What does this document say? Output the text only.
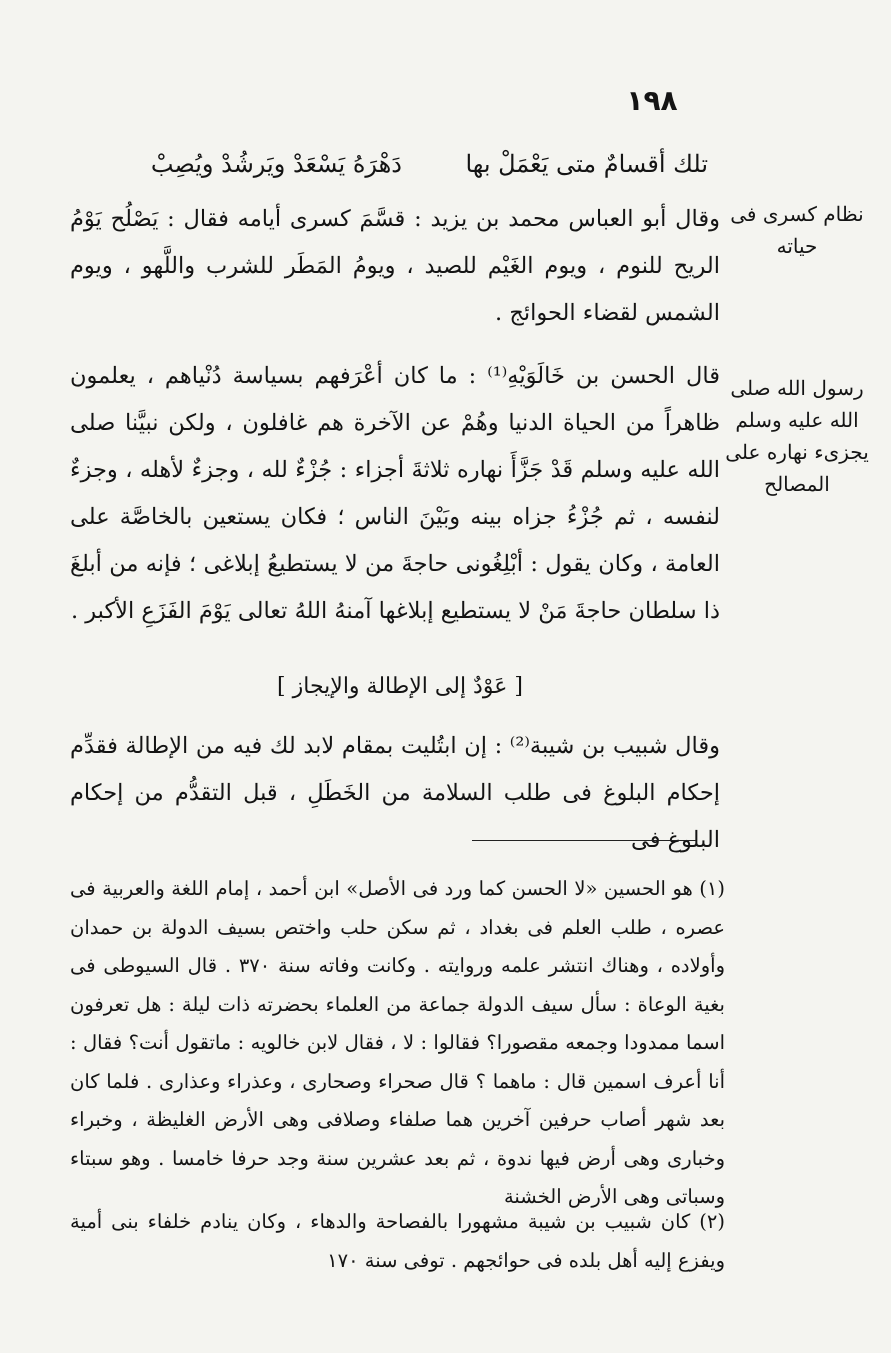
١٩٨
تلك أقسامٌ متى يَعْمَلْ بها
دَهْرَهُ يَسْعَدْ ويَرشُدْ ويُصِبْ
نظام كسرى فى حياته
رسول الله صلى الله عليه وسلم يجزىء نهاره على المصالح
وقال أبو العباس محمد بن يزيد : قسَّمَ كسرى أيامه فقال : يَصْلُح يَوْمُ الريح للنوم ، ويوم الغَيْم للصيد ، ويومُ المَطَر للشرب واللَّهو ، ويوم الشمس لقضاء الحوائج .
قال الحسن بن خَالَوَيْهِ⁽¹⁾ : ما كان أعْرَفهم بسياسة دُنْياهم ، يعلمون ظاهراً من الحياة الدنيا وهُمْ عن الآخرة هم غافلون ، ولكن نبيَّنا صلى الله عليه وسلم قَدْ جَزَّأَ نهاره ثلاثةَ أجزاء : جُزْءٌ لله ، وجزءٌ لأهله ، وجزءٌ لنفسه ، ثم جُزْءُ جزاه بينه وبَيْنَ الناس ؛ فكان يستعين بالخاصَّة على العامة ، وكان يقول : أبْلِغُونى حاجةَ من لا يستطيعُ إبلاغى ؛ فإنه من أبلغَ ذا سلطان حاجةَ مَنْ لا يستطيع إبلاغها آمنهُ اللهُ تعالى يَوْمَ الفَزَعِ الأكبر .
[ عَوْدٌ إلى الإطالة والإيجاز ]
وقال شبيب بن شيبة⁽²⁾ : إن ابتُليت بمقام لابد لك فيه من الإطالة فقدِّم إحكام البلوغ فى طلب السلامة من الخَطَلِ ، قبل التقدُّم من إحكام البلوغ فى
(١) هو الحسين «لا الحسن كما ورد فى الأصل» ابن أحمد ، إمام اللغة والعربية فى عصره ، طلب العلم فى بغداد ، ثم سكن حلب واختص بسيف الدولة بن حمدان وأولاده ، وهناك انتشر علمه وروايته . وكانت وفاته سنة ٣٧٠ . قال السيوطى فى بغية الوعاة : سأل سيف الدولة جماعة من العلماء بحضرته ذات ليلة : هل تعرفون اسما ممدودا وجمعه مقصورا؟ فقالوا : لا ، فقال لابن خالويه : ماتقول أنت؟ فقال : أنا أعرف اسمين قال : ماهما ؟ قال صحراء وصحارى ، وعذراء وعذارى . فلما كان بعد شهر أصاب حرفين آخرين هما صلفاء وصلافى وهى الأرض الغليظة ، وخبراء وخبارى وهى أرض فيها ندوة ، ثم بعد عشرين سنة وجد حرفا خامسا . وهو سبتاء وسباتى وهى الأرض الخشنة
(٢) كان شبيب بن شيبة مشهورا بالفصاحة والدهاء ، وكان ينادم خلفاء بنى أمية ويفزع إليه أهل بلده فى حوائجهم . توفى سنة ١٧٠
